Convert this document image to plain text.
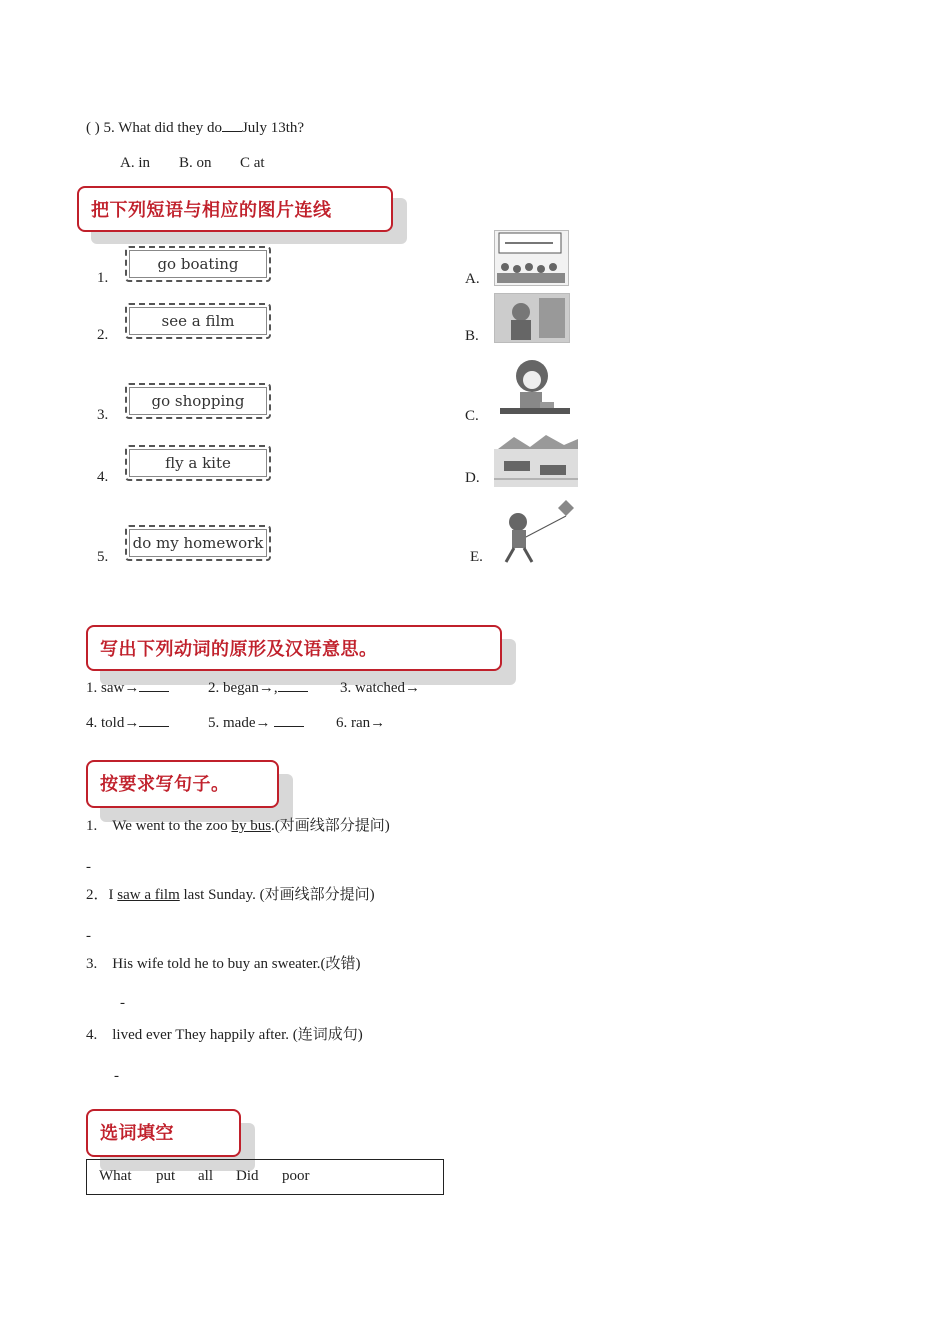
( ) 5. What did they do July 13th?
A. in B. on C at
把下列短语与相应的图片连线
1.
go boating
2.
see a film
3.
go shopping
4.
fly a kite
5.
do my homework
A.
B.
C.
D.
E.
写出下列动词的原形及汉语意思。
1. saw→	2. began→,	3. watched→
4. told→	5. made→	6. ran→
按要求写句子。
1. We went to the zoo by bus.(对画线部分提问)
-
2．I saw a film last Sunday. (对画线部分提问)
-
3. His wife told he to buy an sweater.(改错)
-
4. lived ever They happily after. (连词成句)
-
选词填空
What put all Did poor
